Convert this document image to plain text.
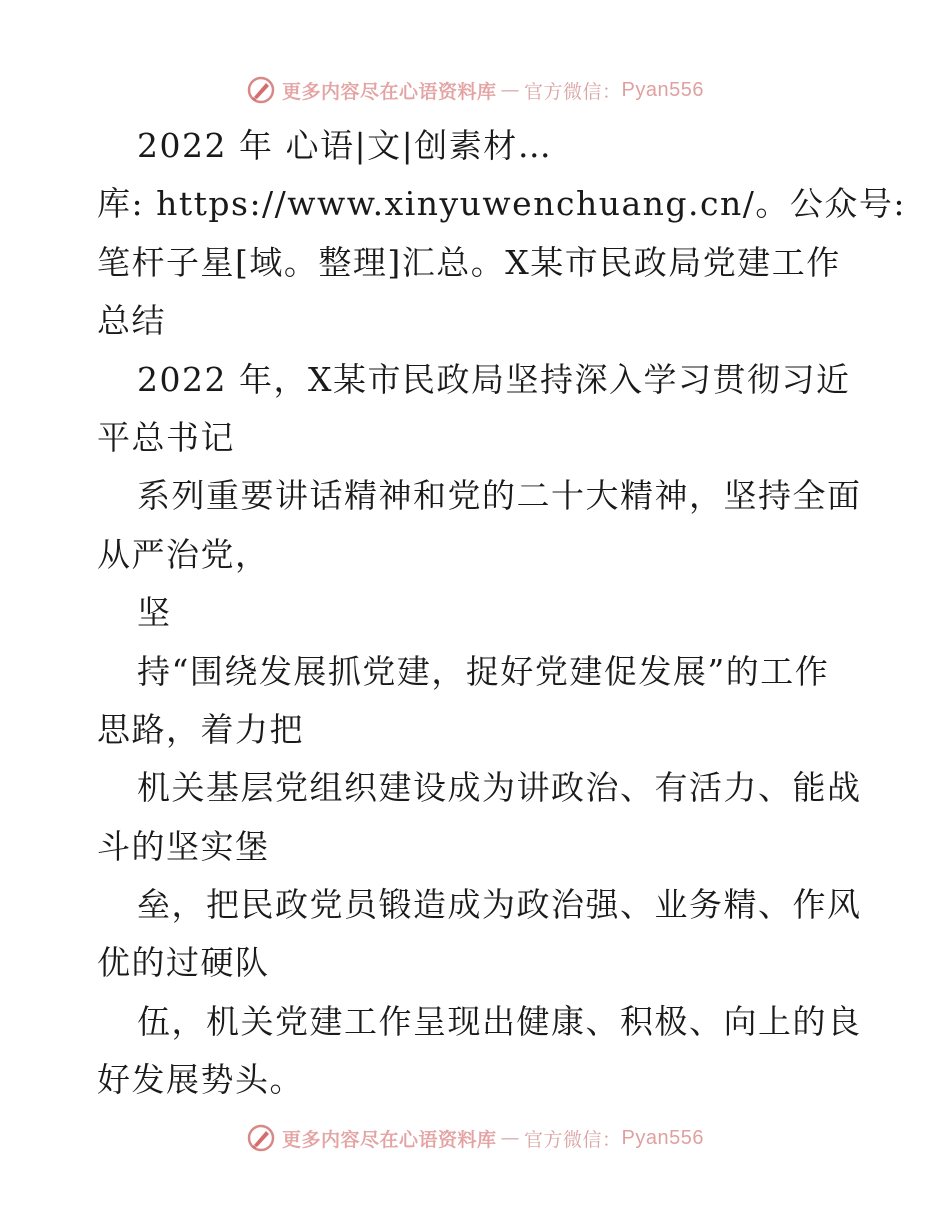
更多内容尽在心语资料库 — 官方微信： Pyan556
2022 年 心语|文|创素材…
库: https://www.xinyuwenchuang.cn/。公众号:
笔杆子星[域。整理]汇总。X某市民政局党建工作
总结
2022 年，X某市民政局坚持深入学习贯彻习近
平总书记
系列重要讲话精神和党的二十大精神，坚持全面
从严治党，
坚
持“围绕发展抓党建，捉好党建促发展”的工作
思路，着力把
机关基层党组织建设成为讲政治、有活力、能战
斗的坚实堡
垒，把民政党员锻造成为政治强、业务精、作风
优的过硬队
伍，机关党建工作呈现出健康、积极、向上的良
好发展势头。
更多内容尽在心语资料库 — 官方微信： Pyan556
